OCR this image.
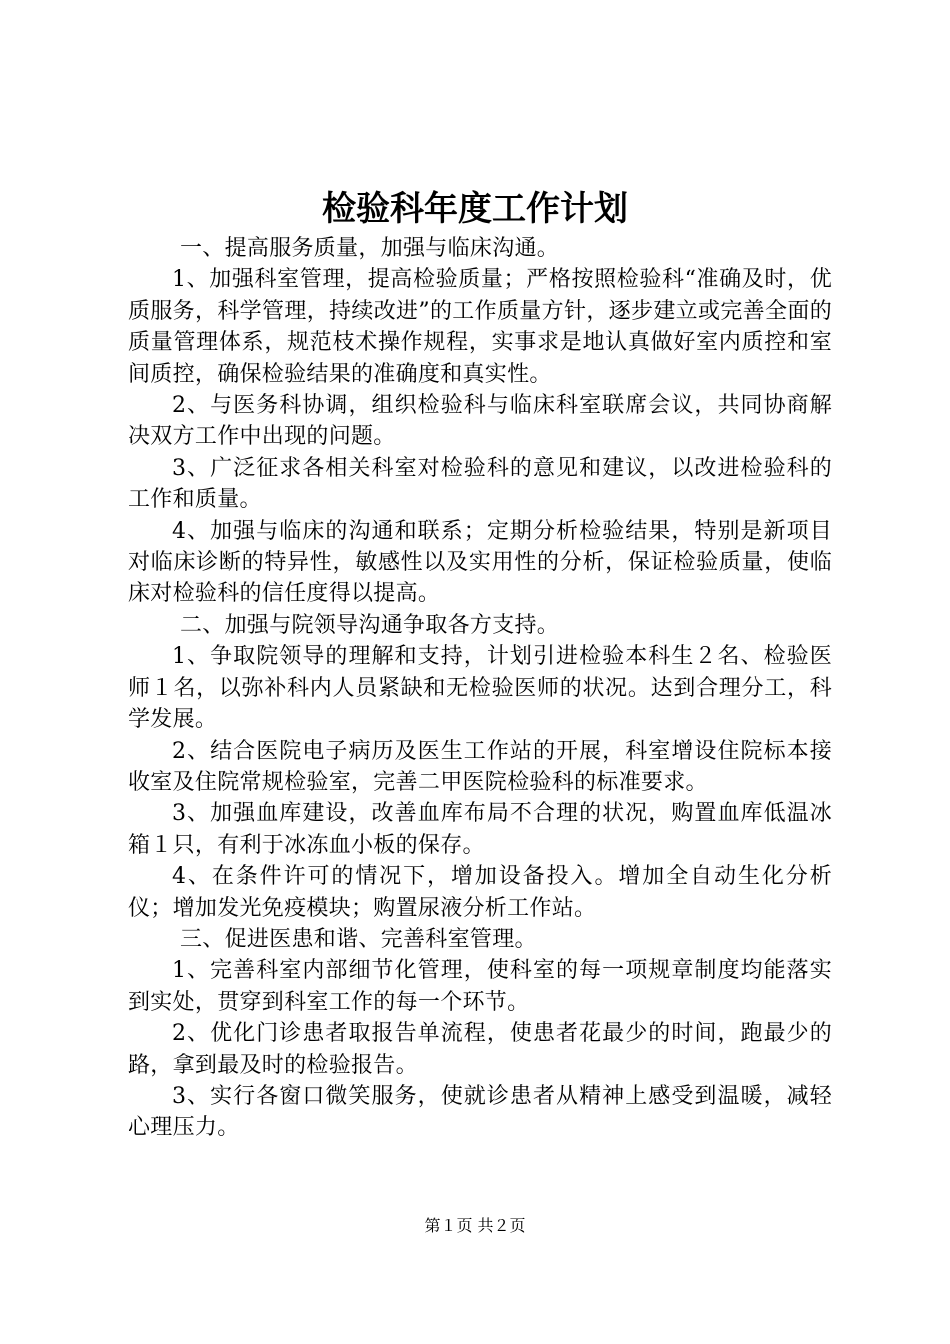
检验科年度工作计划

一、提高服务质量，加强与临床沟通。

1、加强科室管理，提高检验质量；严格按照检验科“准确及时，优质服务，科学管理，持续改进”的工作质量方针，逐步建立或完善全面的质量管理体系，规范枝术操作规程，实事求是地认真做好室内质控和室间质控，确保检验结果的准确度和真实性。

2、与医务科协调，组织检验科与临床科室联席会议，共同协商解决双方工作中出现的问题。

3、广泛征求各相关科室对检验科的意见和建议，以改进检验科的工作和质量。

4、加强与临床的沟通和联系；定期分析检验结果，特别是新项目对临床诊断的特异性，敏感性以及实用性的分析，保证检验质量，使临床对检验科的信任度得以提高。

二、加强与院领导沟通争取各方支持。

1、争取院领导的理解和支持，计划引进检验本科生２名、检验医师１名，以弥补科内人员紧缺和无检验医师的状况。达到合理分工，科学发展。

2、结合医院电子病历及医生工作站的开展，科室增设住院标本接收室及住院常规检验室，完善二甲医院检验科的标准要求。

3、加强血库建设，改善血库布局不合理的状况，购置血库低温冰箱１只，有利于冰冻血小板的保存。

4、在条件许可的情况下，增加设备投入。增加全自动生化分析仪；增加发光免疫模块；购置尿液分析工作站。

三、促进医患和谐、完善科室管理。

1、完善科室内部细节化管理，使科室的每一项规章制度均能落实到实处，贯穿到科室工作的每一个环节。

2、优化门诊患者取报告单流程，使患者花最少的时间，跑最少的路，拿到最及时的检验报告。

3、实行各窗口微笑服务，使就诊患者从精神上感受到温暖，减轻心理压力。

第１页 共２页
